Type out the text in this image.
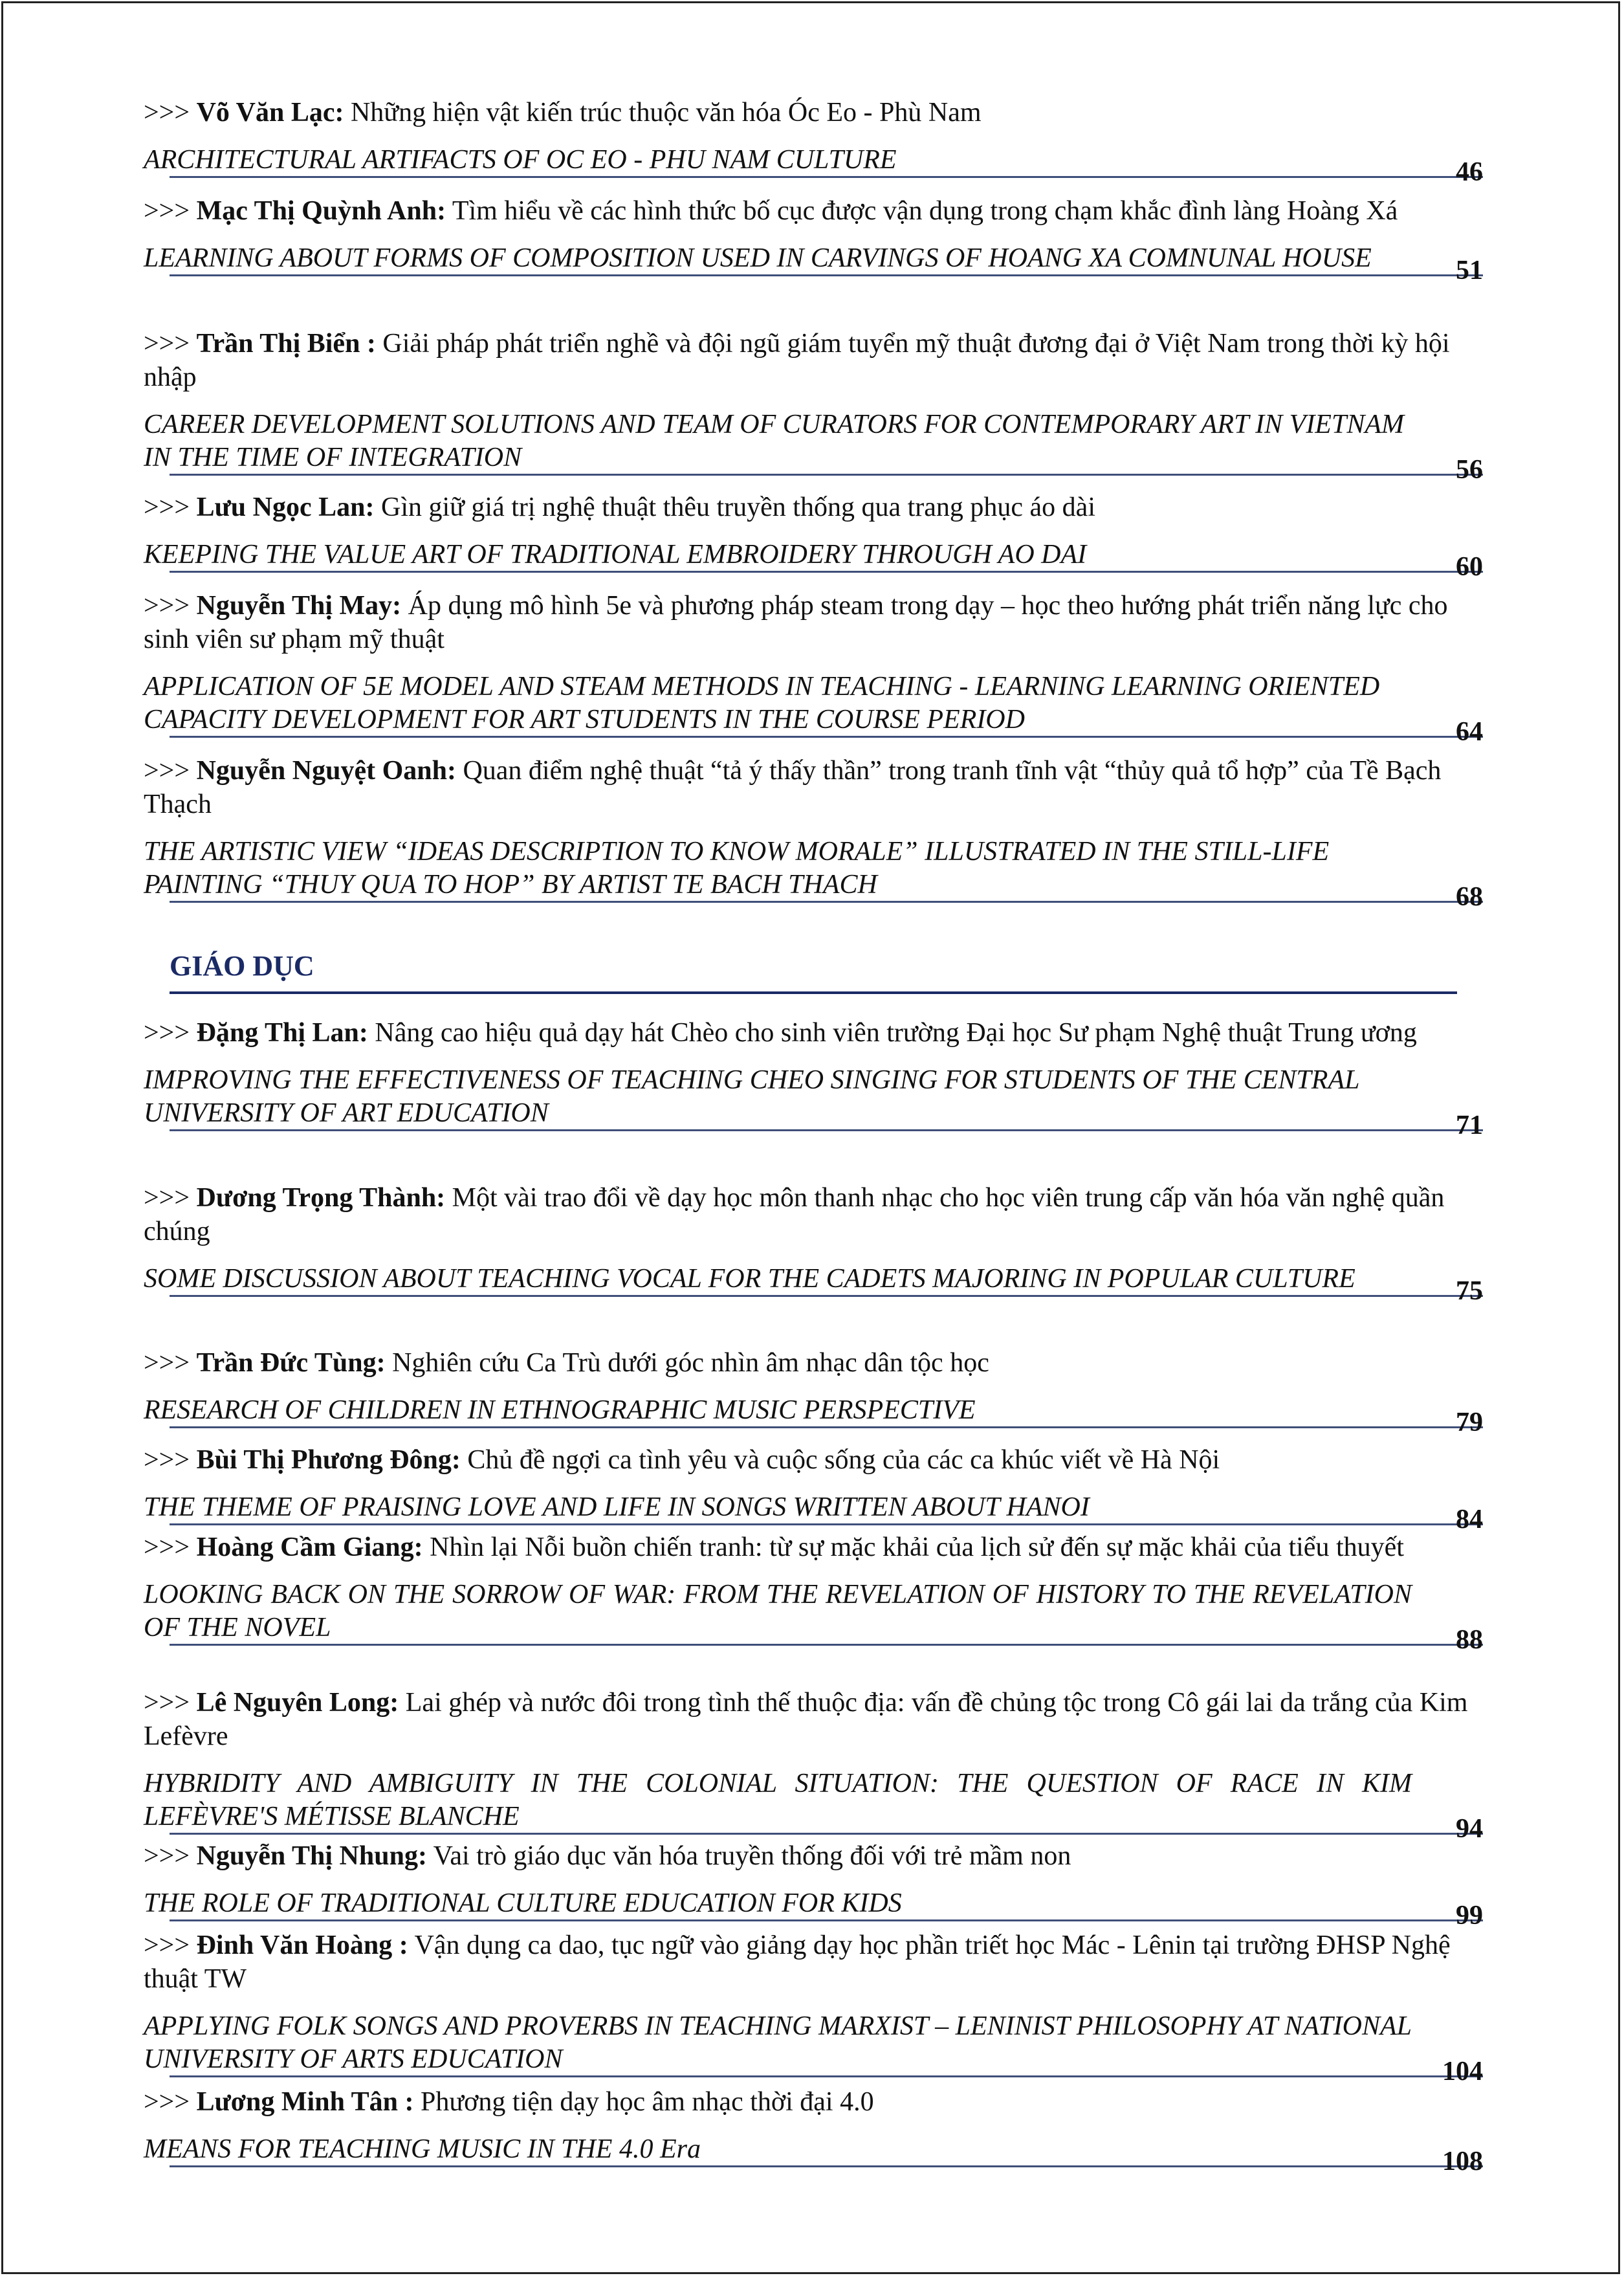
>>> Võ Văn Lạc: Những hiện vật kiến trúc thuộc văn hóa Óc Eo - Phù Nam

ARCHITECTURAL ARTIFACTS OF OC EO - PHU NAM CULTURE	46

>>> Mạc Thị Quỳnh Anh: Tìm hiểu về các hình thức bố cục được vận dụng trong chạm khắc đình làng Hoàng Xá

LEARNING ABOUT FORMS OF COMPOSITION USED IN CARVINGS OF HOANG XA COMNUNAL HOUSE	51

>>> Trần Thị Biển : Giải pháp phát triển nghề và đội ngũ giám tuyển mỹ thuật đương đại ở Việt Nam trong thời kỳ hội nhập

CAREER DEVELOPMENT SOLUTIONS AND TEAM OF CURATORS FOR CONTEMPORARY ART IN VIETNAM IN THE TIME OF INTEGRATION	56

>>> Lưu Ngọc Lan: Gìn giữ giá trị nghệ thuật thêu truyền thống qua trang phục áo dài

KEEPING THE VALUE ART OF TRADITIONAL EMBROIDERY THROUGH AO DAI	60

>>> Nguyễn Thị May: Áp dụng mô hình 5e và phương pháp steam trong dạy – học theo hướng phát triển năng lực cho sinh viên sư phạm mỹ thuật

APPLICATION OF 5E MODEL AND STEAM METHODS IN TEACHING - LEARNING LEARNING ORIENTED CAPACITY DEVELOPMENT FOR ART STUDENTS IN THE COURSE PERIOD	64

>>> Nguyễn Nguyệt Oanh: Quan điểm nghệ thuật “tả ý thấy thần” trong tranh tĩnh vật “thủy quả tổ hợp” của Tề Bạch Thạch

THE ARTISTIC VIEW “IDEAS DESCRIPTION TO KNOW MORALE” ILLUSTRATED IN THE STILL-LIFE PAINTING “THUY QUA TO HOP” BY ARTIST TE BACH THACH	68
GIÁO DỤC

>>> Đặng Thị Lan: Nâng cao hiệu quả dạy hát Chèo cho sinh viên trường Đại học Sư phạm Nghệ thuật Trung ương

IMPROVING THE EFFECTIVENESS OF TEACHING CHEO SINGING FOR STUDENTS OF THE CENTRAL UNIVERSITY OF ART EDUCATION	71

>>> Dương Trọng Thành: Một vài trao đổi về dạy học môn thanh nhạc cho học viên trung cấp văn hóa văn nghệ quần chúng

SOME DISCUSSION ABOUT TEACHING VOCAL FOR THE CADETS MAJORING IN POPULAR CULTURE	75

>>> Trần Đức Tùng: Nghiên cứu Ca Trù dưới góc nhìn âm nhạc dân tộc học

RESEARCH OF CHILDREN IN ETHNOGRAPHIC MUSIC PERSPECTIVE	79

>>> Bùi Thị Phương Đông: Chủ đề ngợi ca tình yêu và cuộc sống của các ca khúc viết về Hà Nội

THE THEME OF PRAISING LOVE AND LIFE IN SONGS WRITTEN ABOUT HANOI	84

>>> Hoàng Cầm Giang: Nhìn lại Nỗi buồn chiến tranh: từ sự mặc khải của lịch sử đến sự mặc khải của tiểu thuyết

LOOKING BACK ON THE SORROW OF WAR: FROM THE REVELATION OF HISTORY TO THE REVELATION OF THE NOVEL	88

>>> Lê Nguyên Long: Lai ghép và nước đôi trong tình thế thuộc địa: vấn đề chủng tộc trong Cô gái lai da trắng của Kim Lefèvre

HYBRIDITY AND AMBIGUITY IN THE COLONIAL SITUATION: THE QUESTION OF RACE IN KIM LEFÈVRE'S MÉTISSE BLANCHE	94

>>> Nguyễn Thị Nhung: Vai trò giáo dục văn hóa truyền thống đối với trẻ mầm non

THE ROLE OF TRADITIONAL CULTURE EDUCATION FOR KIDS	99

>>> Đinh Văn Hoàng : Vận dụng ca dao, tục ngữ vào giảng dạy học phần triết học Mác - Lênin tại trường ĐHSP Nghệ thuật TW

APPLYING FOLK SONGS AND PROVERBS IN TEACHING MARXIST – LENINIST PHILOSOPHY AT NATIONAL UNIVERSITY OF ARTS EDUCATION	104

>>> Lương Minh Tân : Phương tiện dạy học âm nhạc thời đại 4.0

MEANS FOR TEACHING MUSIC IN THE 4.0 Era	108
